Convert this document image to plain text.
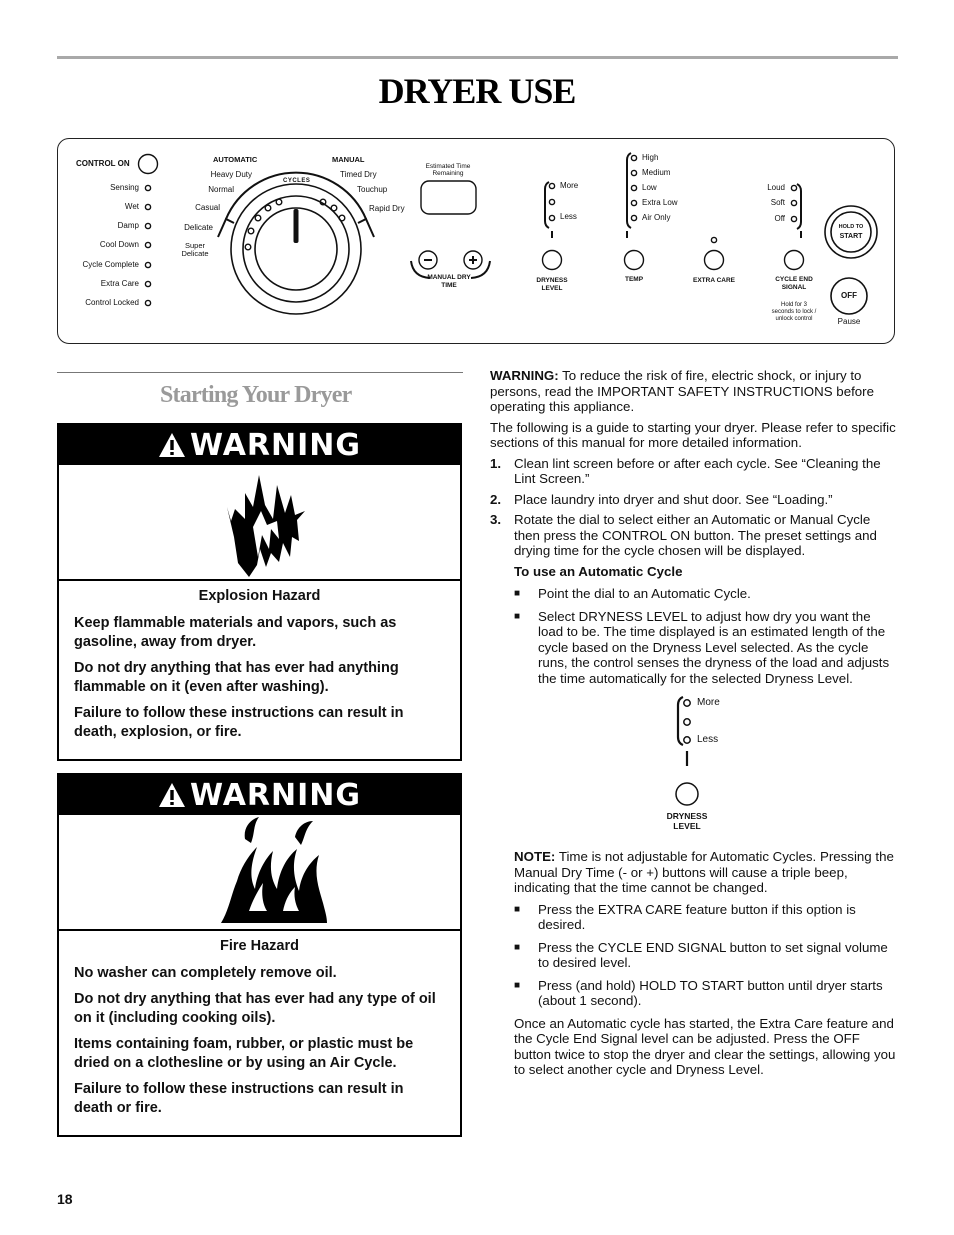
DRYER USE
CONTROL ON
Sensing
Wet
Damp
Cool Down
Cycle Complete
Extra Care
Control Locked
AUTOMATIC	MANUAL
CYCLES
Heavy Duty
Normal
Casual
Delicate
Super Delicate
Timed Dry
Touchup
Rapid Dry
Estimated Time Remaining
MANUAL DRY TIME
More
Less
DRYNESS LEVEL
High
Medium
Low
Extra Low
Air Only
TEMP	EXTRA CARE
Loud
Soft
Off
CYCLE END SIGNAL
Hold for 3 seconds to lock / unlock control
HOLD TO
START
OFF
Pause
Starting Your Dryer
WARNING
Explosion Hazard

Keep flammable materials and vapors, such as gasoline, away from dryer.

Do not dry anything that has ever had anything flammable on it (even after washing).

Failure to follow these instructions can result in death, explosion, or fire.

WARNING
Fire Hazard

No washer can completely remove oil.

Do not dry anything that has ever had any type of oil on it (including cooking oils).

Items containing foam, rubber, or plastic must be dried on a clothesline or by using an Air Cycle.

Failure to follow these instructions can result in death or fire.

WARNING: To reduce the risk of fire, electric shock, or injury to persons, read the IMPORTANT SAFETY INSTRUCTIONS before operating this appliance.

The following is a guide to starting your dryer. Please refer to specific sections of this manual for more detailed information.

1. Clean lint screen before or after each cycle. See “Cleaning the Lint Screen.”
2. Place laundry into dryer and shut door. See “Loading.”
3. Rotate the dial to select either an Automatic or Manual Cycle then press the CONTROL ON button. The preset settings and drying time for the cycle chosen will be displayed.
To use an Automatic Cycle
■	Point the dial to an Automatic Cycle.
■	Select DRYNESS LEVEL to adjust how dry you want the load to be. The time displayed is an estimated length of the cycle based on the Dryness Level selected. As the cycle runs, the control senses the dryness of the load and adjusts the time automatically for the selected Dryness Level.
More
Less
DRYNESS
LEVEL

NOTE: Time is not adjustable for Automatic Cycles. Pressing the Manual Dry Time (- or +) buttons will cause a triple beep, indicating that the time cannot be changed.

■	Press the EXTRA CARE feature button if this option is desired.
■	Press the CYCLE END SIGNAL button to set signal volume to desired level.
■	Press (and hold) HOLD TO START button until dryer starts (about 1 second).

Once an Automatic cycle has started, the Extra Care feature and the Cycle End Signal level can be adjusted. Press the OFF button twice to stop the dryer and clear the settings, allowing you to select another cycle and Dryness Level.

18
